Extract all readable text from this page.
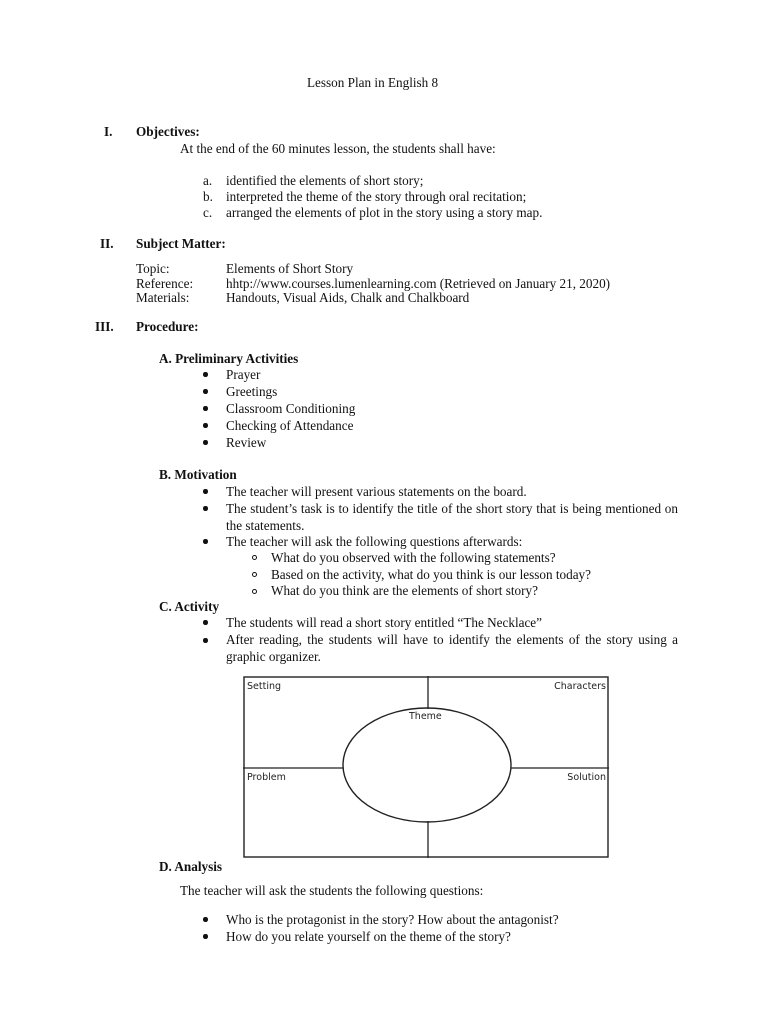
Lesson Plan in English 8
I. Objectives:
At the end of the 60 minutes lesson, the students shall have:
a. identified the elements of short story;
b. interpreted the theme of the story through oral recitation;
c. arranged the elements of plot in the story using a story map.
II. Subject Matter:
Topic:	Elements of Short Story
Reference: hhtp://www.courses.lumenlearning.com (Retrieved on January 21, 2020)
Materials:	Handouts, Visual Aids, Chalk and Chalkboard
III. Procedure:
A. Preliminary Activities
Prayer
Greetings
Classroom Conditioning
Checking of Attendance
Review
B. Motivation
The teacher will present various statements on the board.
The student’s task is to identify the title of the short story that is being mentioned on the statements.
The teacher will ask the following questions afterwards:
What do you observed with the following statements?
Based on the activity, what do you think is our lesson today?
What do you think are the elements of short story?
C. Activity
The students will read a short story entitled “The Necklace”
After reading, the students will have to identify the elements of the story using a graphic organizer.
Setting	Characters
Theme
Problem	Solution
D. Analysis
The teacher will ask the students the following questions:
Who is the protagonist in the story? How about the antagonist?
How do you relate yourself on the theme of the story?
